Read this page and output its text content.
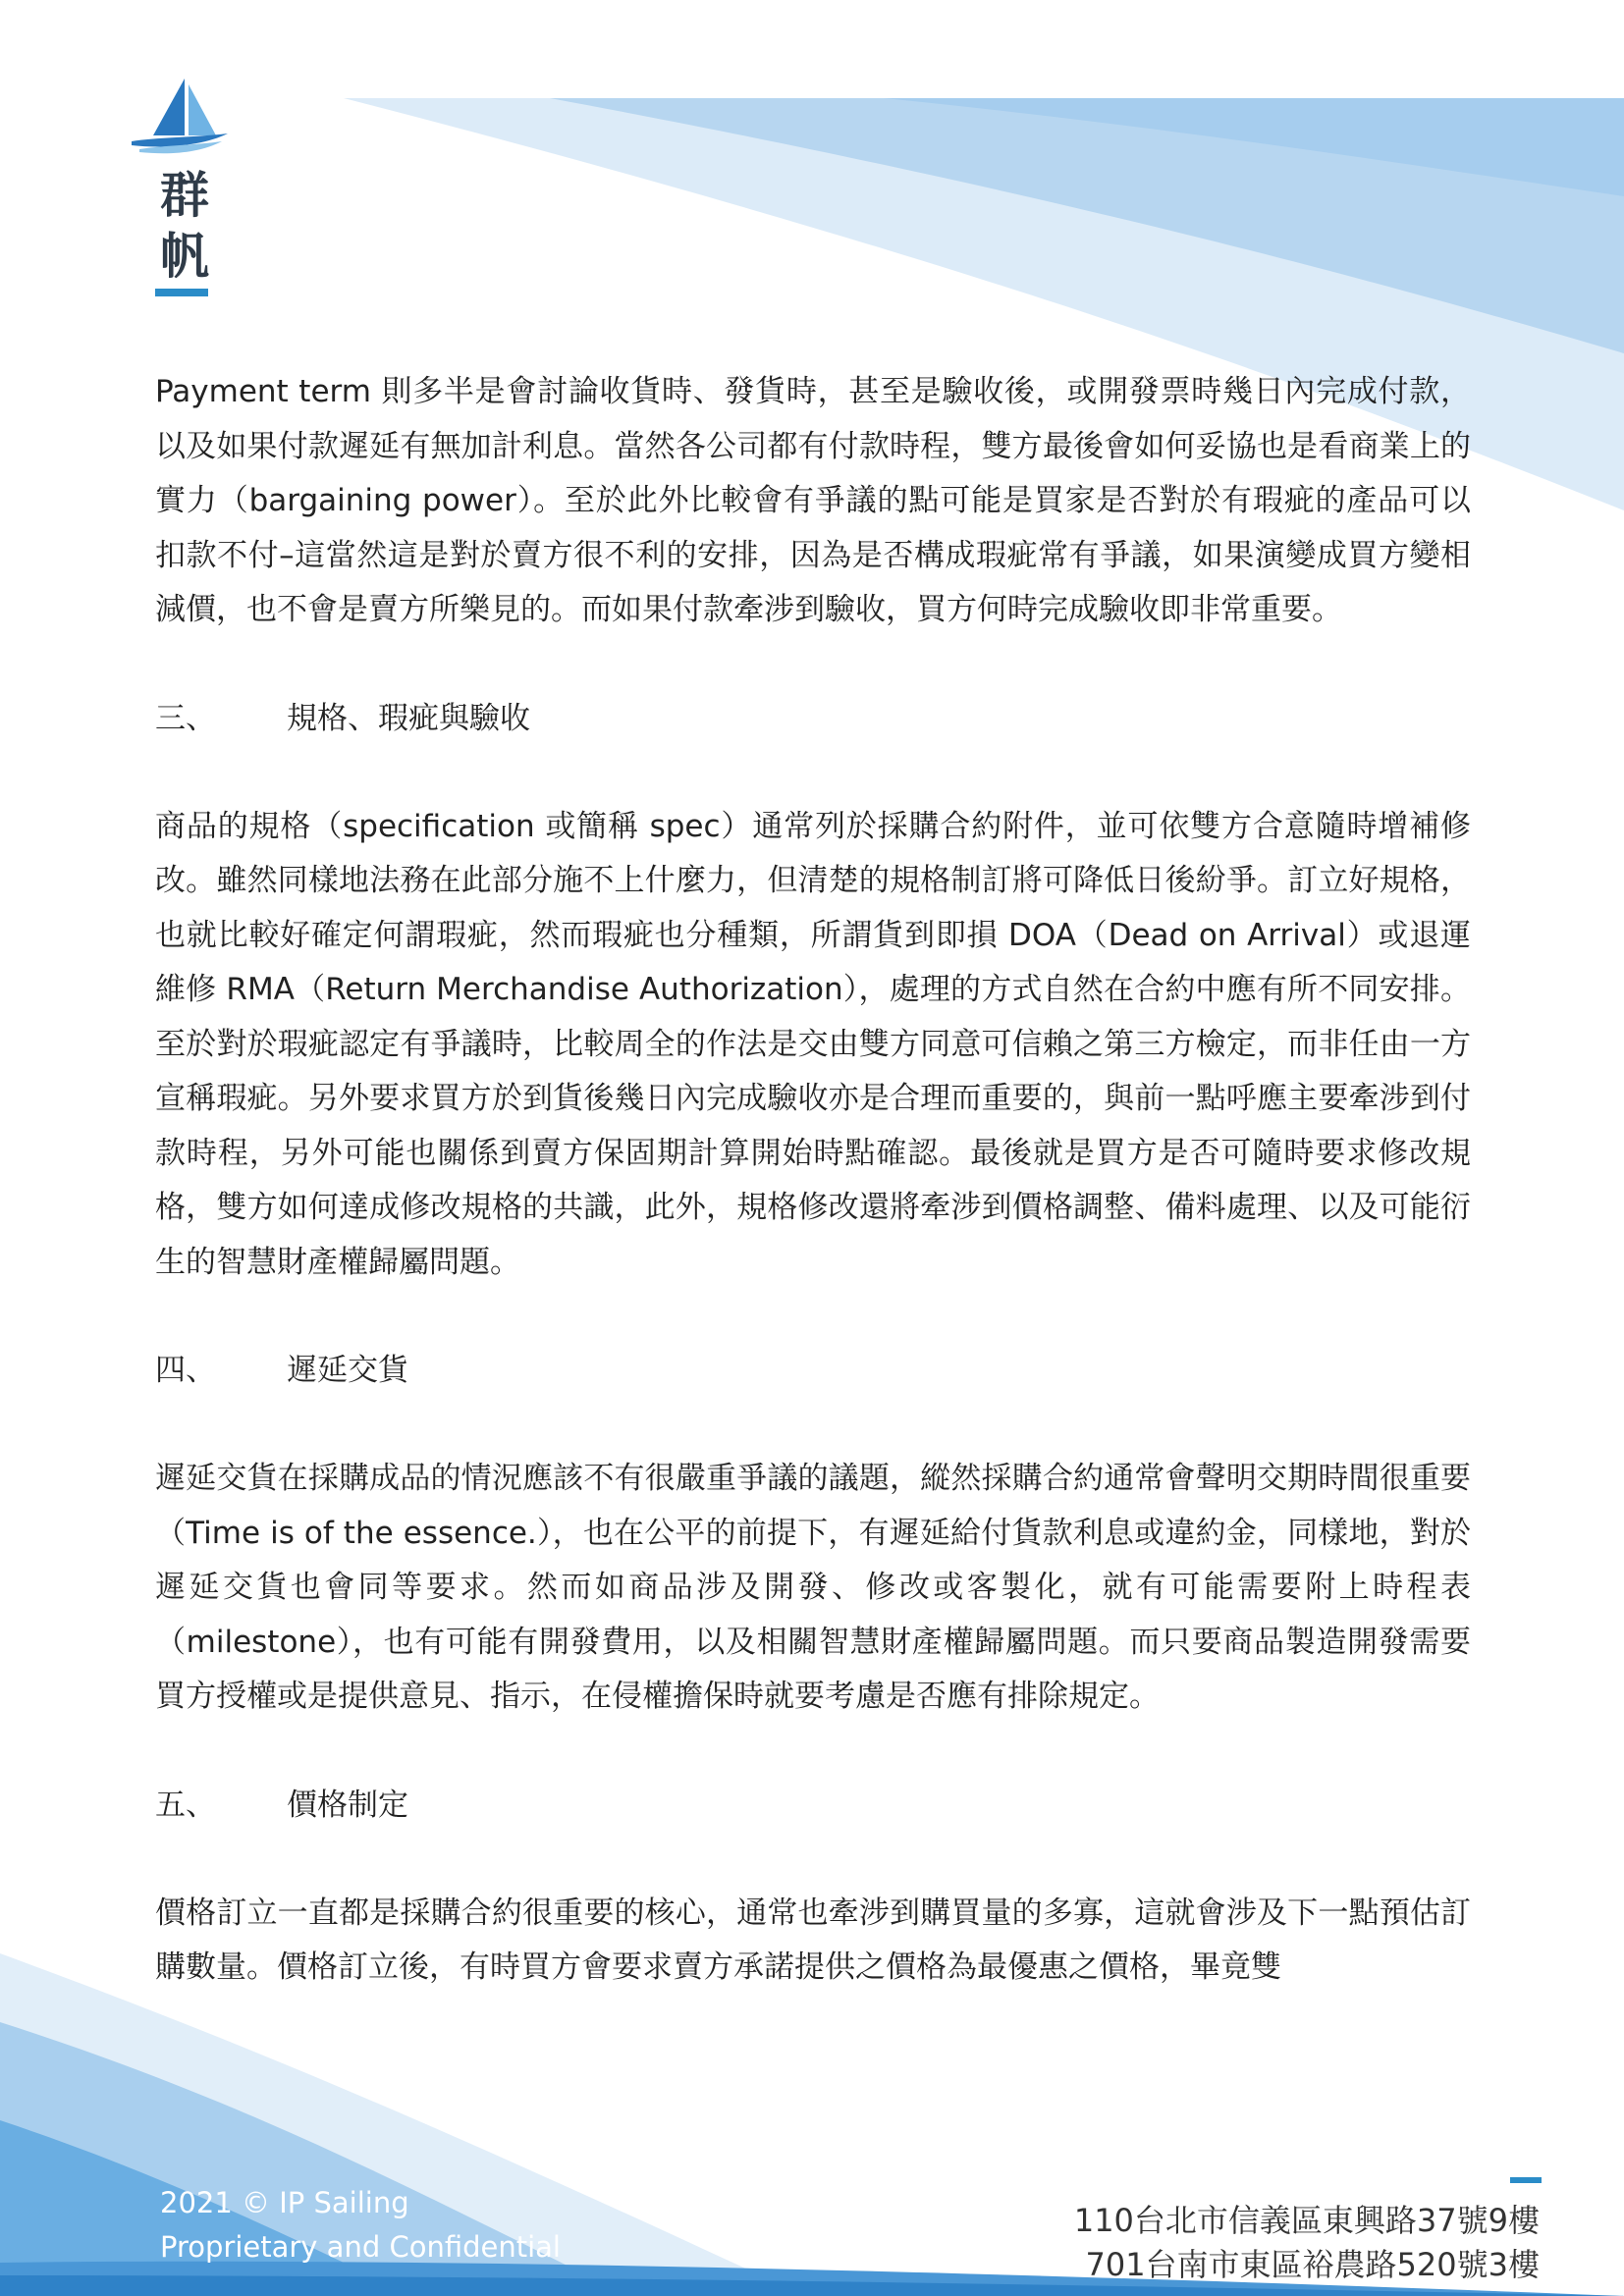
群
帆

Payment term 則多半是會討論收貨時、發貨時，甚至是驗收後，或開發票時幾日內完成付款，以及如果付款遲延有無加計利息。當然各公司都有付款時程，雙方最後會如何妥協也是看商業上的實力（bargaining power）。至於此外比較會有爭議的點可能是買家是否對於有瑕疵的產品可以扣款不付–這當然這是對於賣方很不利的安排，因為是否構成瑕疵常有爭議，如果演變成買方變相減價，也不會是賣方所樂見的。而如果付款牽涉到驗收，買方何時完成驗收即非常重要。

三、	規格、瑕疵與驗收

商品的規格（specification 或簡稱 spec）通常列於採購合約附件，並可依雙方合意隨時增補修改。雖然同樣地法務在此部分施不上什麼力，但清楚的規格制訂將可降低日後紛爭。訂立好規格，也就比較好確定何謂瑕疵，然而瑕疵也分種類，所謂貨到即損 DOA（Dead on Arrival）或退運維修 RMA（Return Merchandise Authorization），處理的方式自然在合約中應有所不同安排。至於對於瑕疵認定有爭議時，比較周全的作法是交由雙方同意可信賴之第三方檢定，而非任由一方宣稱瑕疵。另外要求買方於到貨後幾日內完成驗收亦是合理而重要的，與前一點呼應主要牽涉到付款時程，另外可能也關係到賣方保固期計算開始時點確認。最後就是買方是否可隨時要求修改規格，雙方如何達成修改規格的共識，此外，規格修改還將牽涉到價格調整、備料處理、以及可能衍生的智慧財產權歸屬問題。

四、	遲延交貨

遲延交貨在採購成品的情況應該不有很嚴重爭議的議題，縱然採購合約通常會聲明交期時間很重要（Time is of the essence.），也在公平的前提下，有遲延給付貨款利息或違約金，同樣地，對於遲延交貨也會同等要求。然而如商品涉及開發、修改或客製化，就有可能需要附上時程表（milestone），也有可能有開發費用，以及相關智慧財產權歸屬問題。而只要商品製造開發需要買方授權或是提供意見、指示，在侵權擔保時就要考慮是否應有排除規定。

五、	價格制定

價格訂立一直都是採購合約很重要的核心，通常也牽涉到購買量的多寡，這就會涉及下一點預估訂購數量。價格訂立後，有時買方會要求賣方承諾提供之價格為最優惠之價格，畢竟雙

2021 © IP Sailing
Proprietary and Confidential
110台北市信義區東興路37號9樓
701台南市東區裕農路520號3樓
